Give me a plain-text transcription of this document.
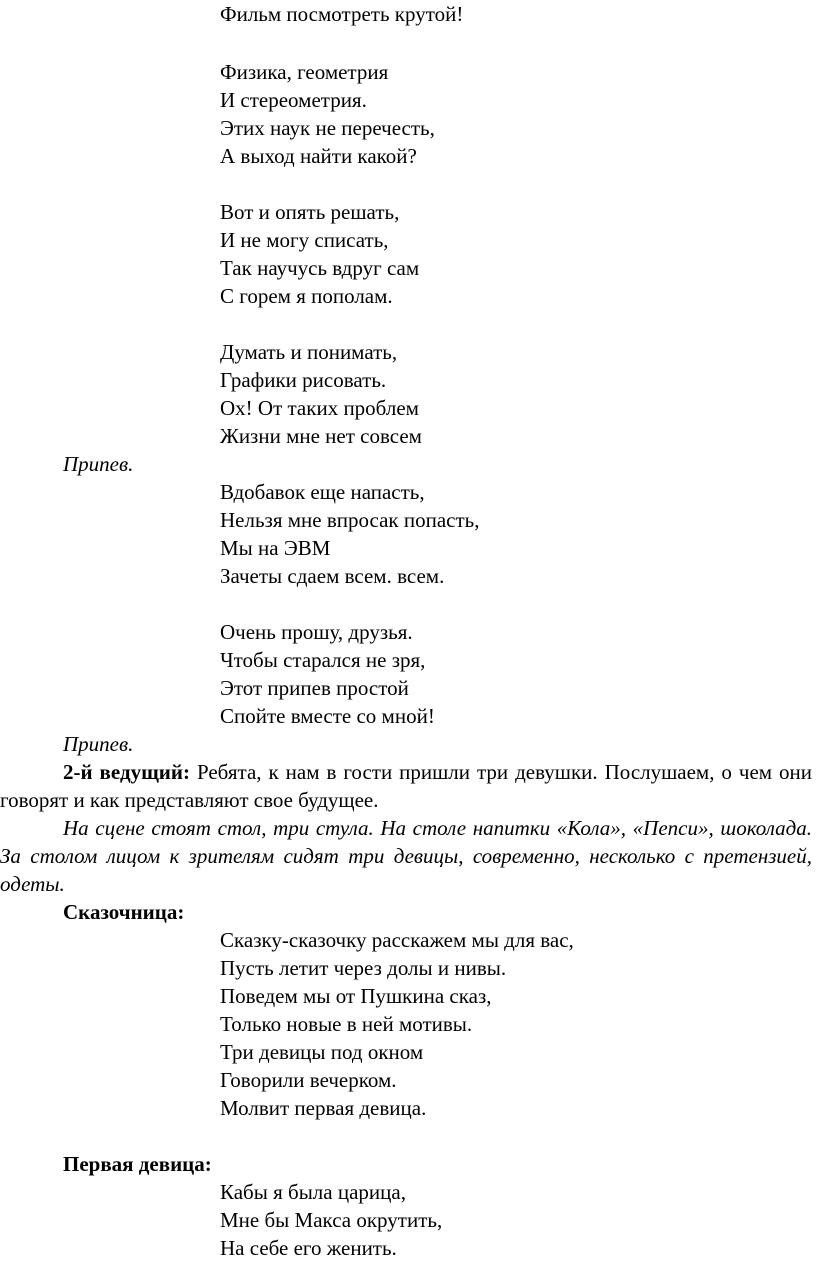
Фильм посмотреть крутой!
Физика, геометрия
И стереометрия.
Этих наук не перечесть,
А выход найти какой?
Вот и опять решать,
И не могу списать,
Так научусь вдруг сам
С горем я пополам.
Думать и понимать,
Графики рисовать.
Ох! От таких проблем
Жизни мне нет совсем
Припев.
Вдобавок еще напасть,
Нельзя мне впросак попасть,
Мы на ЭВМ
Зачеты сдаем всем. всем.
Очень прошу, друзья.
Чтобы старался не зря,
Этот припев простой
Спойте вместе со мной!
Припев.
2-й ведущий: Ребята, к нам в гости пришли три девушки. Послушаем, о чем они говорят и как представляют свое будущее.
На сцене стоят стол, три стула. На столе напитки «Кола», «Пепси», шоколада. За столом лицом к зрителям сидят три девицы, современно, несколько с претензией, одеты.
Сказочница:
Сказку-сказочку расскажем мы для вас,
Пусть летит через долы и нивы.
Поведем мы от Пушкина сказ,
Только новые в ней мотивы.
Три девицы под окном
Говорили вечерком.
Молвит первая девица.
Первая девица:
Кабы я была царица,
Мне бы Макса окрутить,
На себе его женить.
